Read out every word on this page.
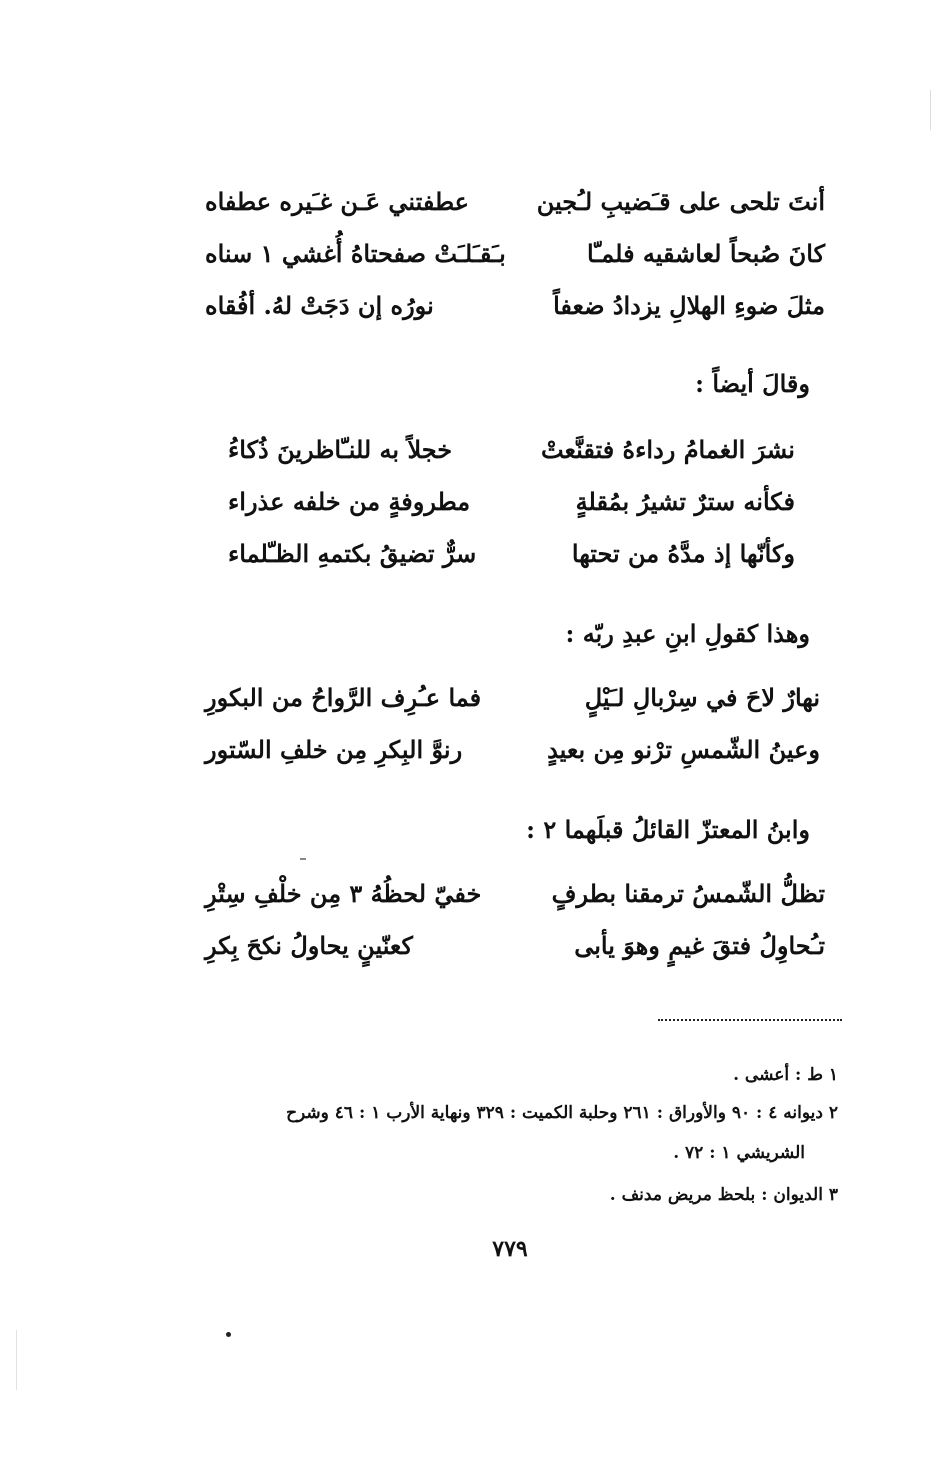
أنتَ تلحى على قـَضيبِ لـُجين
عطفتني عَـن غـَيره عطفاه
كانَ صُبحاً لعاشقيه فلمـّا
بـَقـَلـَتْ صفحتاهُ أُغشي ١ سناه
مثلَ ضوءِ الهلالِ يزدادُ ضعفاً
نورُه إن دَجَتْ لهُ. أفُقاه
وقالَ أيضاً :
نشرَ الغمامُ رداءهُ فتقنَّعتْ
خجلاً به للنـّاظرينَ ذُكاءُ
فكأنه سترٌ تشيرُ بمُقلةٍ
مطروفةٍ من خلفه عذراء
وكأنّها إذ مدَّهُ من تحتها
سرٌّ تضيقُ بكتمهِ الظـّلماء
وهذا كقولِ ابنِ عبدِ ربّه :
نهارٌ لاحَ في سِرْبالِ لـَيْلٍ
فما عـُرِف الرَّواحُ من البكورِ
وعينُ الشّمسِ ترْنو مِن بعيدٍ
رنوَّ البِكرِ مِن خلفِ السّتور
وابنُ المعتزّ القائلُ قبلَهما ٢ :
تظلُّ الشّمسُ ترمقنا بطرفٍ
خفيّ لحظُهُ ٣ مِن خلْفِ سِتْرِ
تـُحاوِلُ فتقَ غيمٍ وهوَ يأبى
كعنّينٍ يحاولُ نكحَ بِكرِ
١ ط : أعشى .
٢ ديوانه ٤ : ٩٠ والأوراق : ٢٦١ وحلبة الكميت : ٣٢٩ ونهاية الأرب ١ : ٤٦ وشرح
الشريشي ١ : ٧٢ .
٣ الديوان : بلحظ مريض مدنف .
٧٧٩
